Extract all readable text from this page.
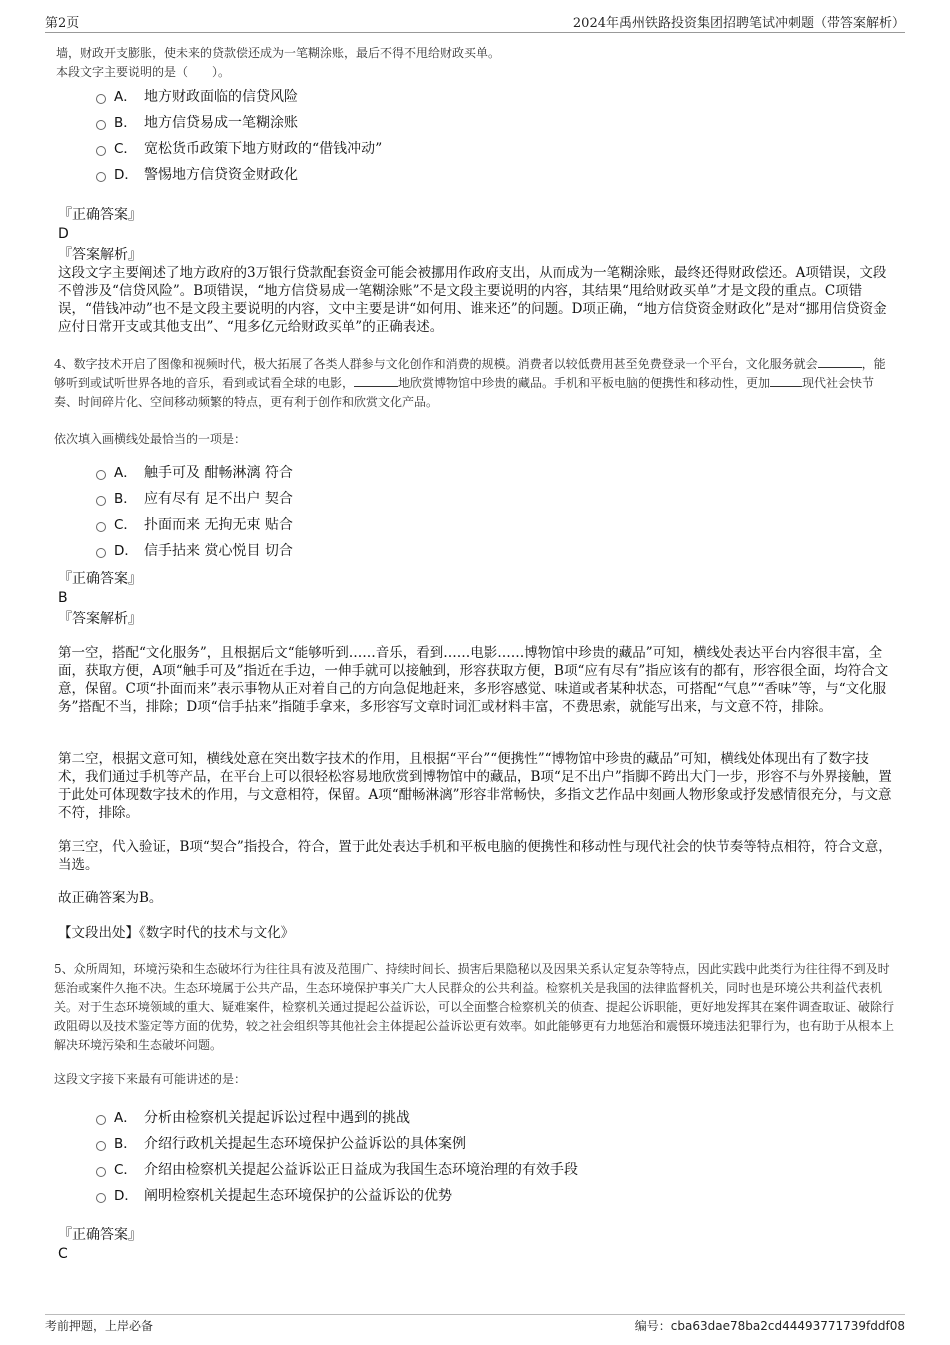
第2页	2024年禹州铁路投资集团招聘笔试冲刺题（带答案解析）

墙，财政开支膨胀，使未来的贷款偿还成为一笔糊涂账，最后不得不甩给财政买单。

本段文字主要说明的是（　　）。

A． 地方财政面临的信贷风险
B． 地方信贷易成一笔糊涂账
C． 宽松货币政策下地方财政的“借钱冲动”
D． 警惕地方信贷资金财政化
『正确答案』
D
『答案解析』
这段文字主要阐述了地方政府的3万银行贷款配套资金可能会被挪用作政府支出，从而成为一笔糊涂账，最终还得财政偿还。A项错误，文段不曾涉及“信贷风险”。B项错误，“地方信贷易成一笔糊涂账”不是文段主要说明的内容，其结果“甩给财政买单”才是文段的重点。C项错误，“借钱冲动”也不是文段主要说明的内容，文中主要是讲“如何用、谁来还”的问题。D项正确，“地方信贷资金财政化”是对“挪用信贷资金应付日常开支或其他支出”、“甩多亿元给财政买单”的正确表述。
4、数字技术开启了图像和视频时代，极大拓展了各类人群参与文化创作和消费的规模。消费者以较低费用甚至免费登录一个平台，文化服务就会	，能够听到或试听世界各地的音乐，看到或试看全球的电影，	地欣赏博物馆中珍贵的藏品。手机和平板电脑的便携性和移动性，更加	现代社会快节奏、时间碎片化、空间移动频繁的特点，更有利于创作和欣赏文化产品。
依次填入画横线处最恰当的一项是：
A． 触手可及 酣畅淋漓 符合
B． 应有尽有 足不出户 契合
C． 扑面而来 无拘无束 贴合
D． 信手拈来 赏心悦目 切合
『正确答案』
B
『答案解析』
第一空，搭配“文化服务”，且根据后文“能够听到……音乐，看到……电影……博物馆中珍贵的藏品”可知，横线处表达平台内容很丰富，全面，获取方便，A项“触手可及”指近在手边，一伸手就可以接触到，形容获取方便，B项“应有尽有”指应该有的都有，形容很全面，均符合文意，保留。C项“扑面而来”表示事物从正对着自己的方向急促地赶来，多形容感觉、味道或者某种状态，可搭配“气息”“香味”等，与“文化服务”搭配不当，排除；D项“信手拈来”指随手拿来，多形容写文章时词汇或材料丰富，不费思索，就能写出来，与文意不符，排除。
第二空，根据文意可知，横线处意在突出数字技术的作用，且根据“平台”“便携性”“博物馆中珍贵的藏品”可知，横线处体现出有了数字技术，我们通过手机等产品，在平台上可以很轻松容易地欣赏到博物馆中的藏品，B项“足不出户”指脚不跨出大门一步，形容不与外界接触，置于此处可体现数字技术的作用，与文意相符，保留。A项“酣畅淋漓”形容非常畅快，多指文艺作品中刻画人物形象或抒发感情很充分，与文意不符，排除。
第三空，代入验证，B项“契合”指投合，符合，置于此处表达手机和平板电脑的便携性和移动性与现代社会的快节奏等特点相符，符合文意，当选。
故正确答案为B。
【文段出处】《数字时代的技术与文化》
5、众所周知，环境污染和生态破坏行为往往具有波及范围广、持续时间长、损害后果隐秘以及因果关系认定复杂等特点，因此实践中此类行为往往得不到及时惩治或案件久拖不决。生态环境属于公共产品，生态环境保护事关广大人民群众的公共利益。检察机关是我国的法律监督机关，同时也是环境公共利益代表机关。对于生态环境领域的重大、疑难案件，检察机关通过提起公益诉讼，可以全面整合检察机关的侦查、提起公诉职能，更好地发挥其在案件调查取证、破除行政阻碍以及技术鉴定等方面的优势，较之社会组织等其他社会主体提起公益诉讼更有效率。如此能够更有力地惩治和震慑环境违法犯罪行为，也有助于从根本上解决环境污染和生态破坏问题。
这段文字接下来最有可能讲述的是：
A． 分析由检察机关提起诉讼过程中遇到的挑战
B． 介绍行政机关提起生态环境保护公益诉讼的具体案例
C． 介绍由检察机关提起公益诉讼正日益成为我国生态环境治理的有效手段
D． 阐明检察机关提起生态环境保护的公益诉讼的优势
『正确答案』
C
考前押题，上岸必备	编号：cba63dae78ba2cd44493771739fddf08
